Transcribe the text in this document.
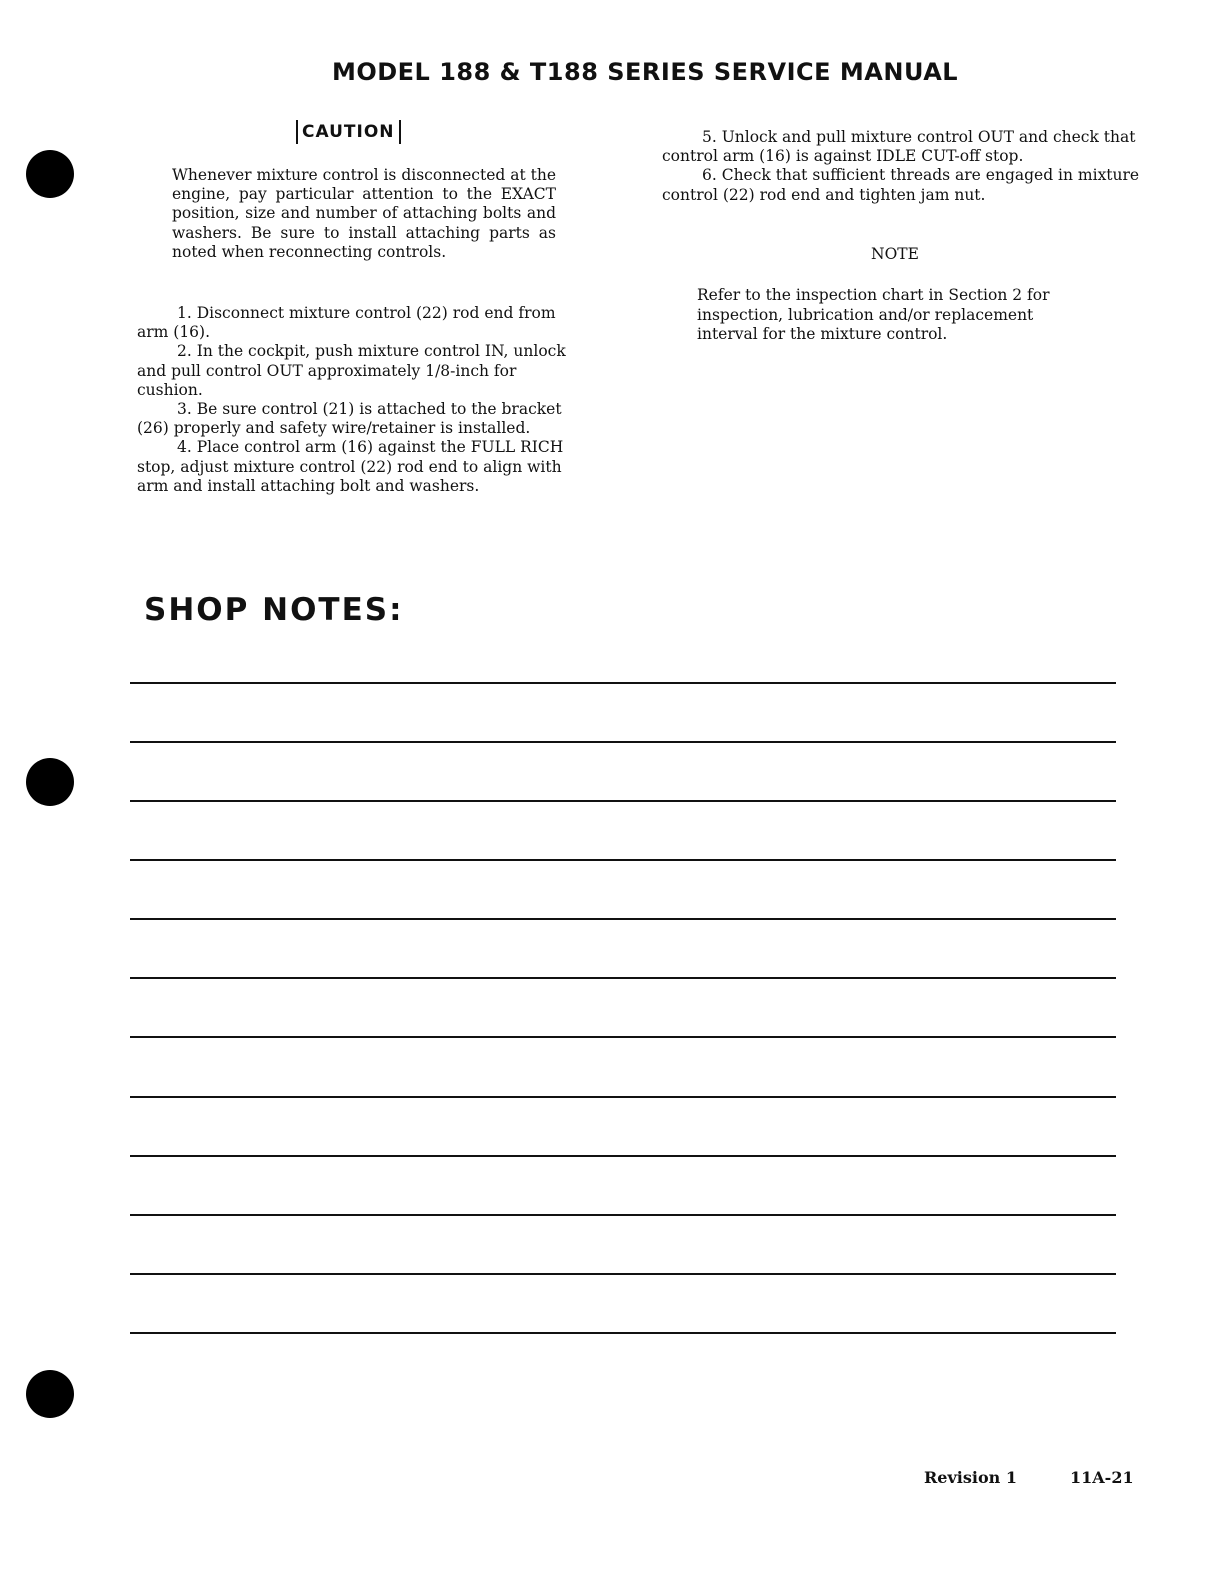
MODEL 188 & T188 SERIES SERVICE MANUAL
CAUTION
Whenever mixture control is disconnected at the engine, pay particular attention to the EXACT position, size and number of attaching bolts and washers. Be sure to install attaching parts as noted when reconnecting controls.

1. Disconnect mixture control (22) rod end from arm (16).

2. In the cockpit, push mixture control IN, unlock and pull control OUT approximately 1/8-inch for cushion.

3. Be sure control (21) is attached to the bracket (26) properly and safety wire/retainer is installed.

4. Place control arm (16) against the FULL RICH stop, adjust mixture control (22) rod end to align with arm and install attaching bolt and washers.

5. Unlock and pull mixture control OUT and check that control arm (16) is against IDLE CUT-off stop.

6. Check that sufficient threads are engaged in mixture control (22) rod end and tighten jam nut.

NOTE
Refer to the inspection chart in Section 2 for inspection, lubrication and/or replacement interval for the mixture control.
SHOP NOTES:
Revision 1	11A-21
